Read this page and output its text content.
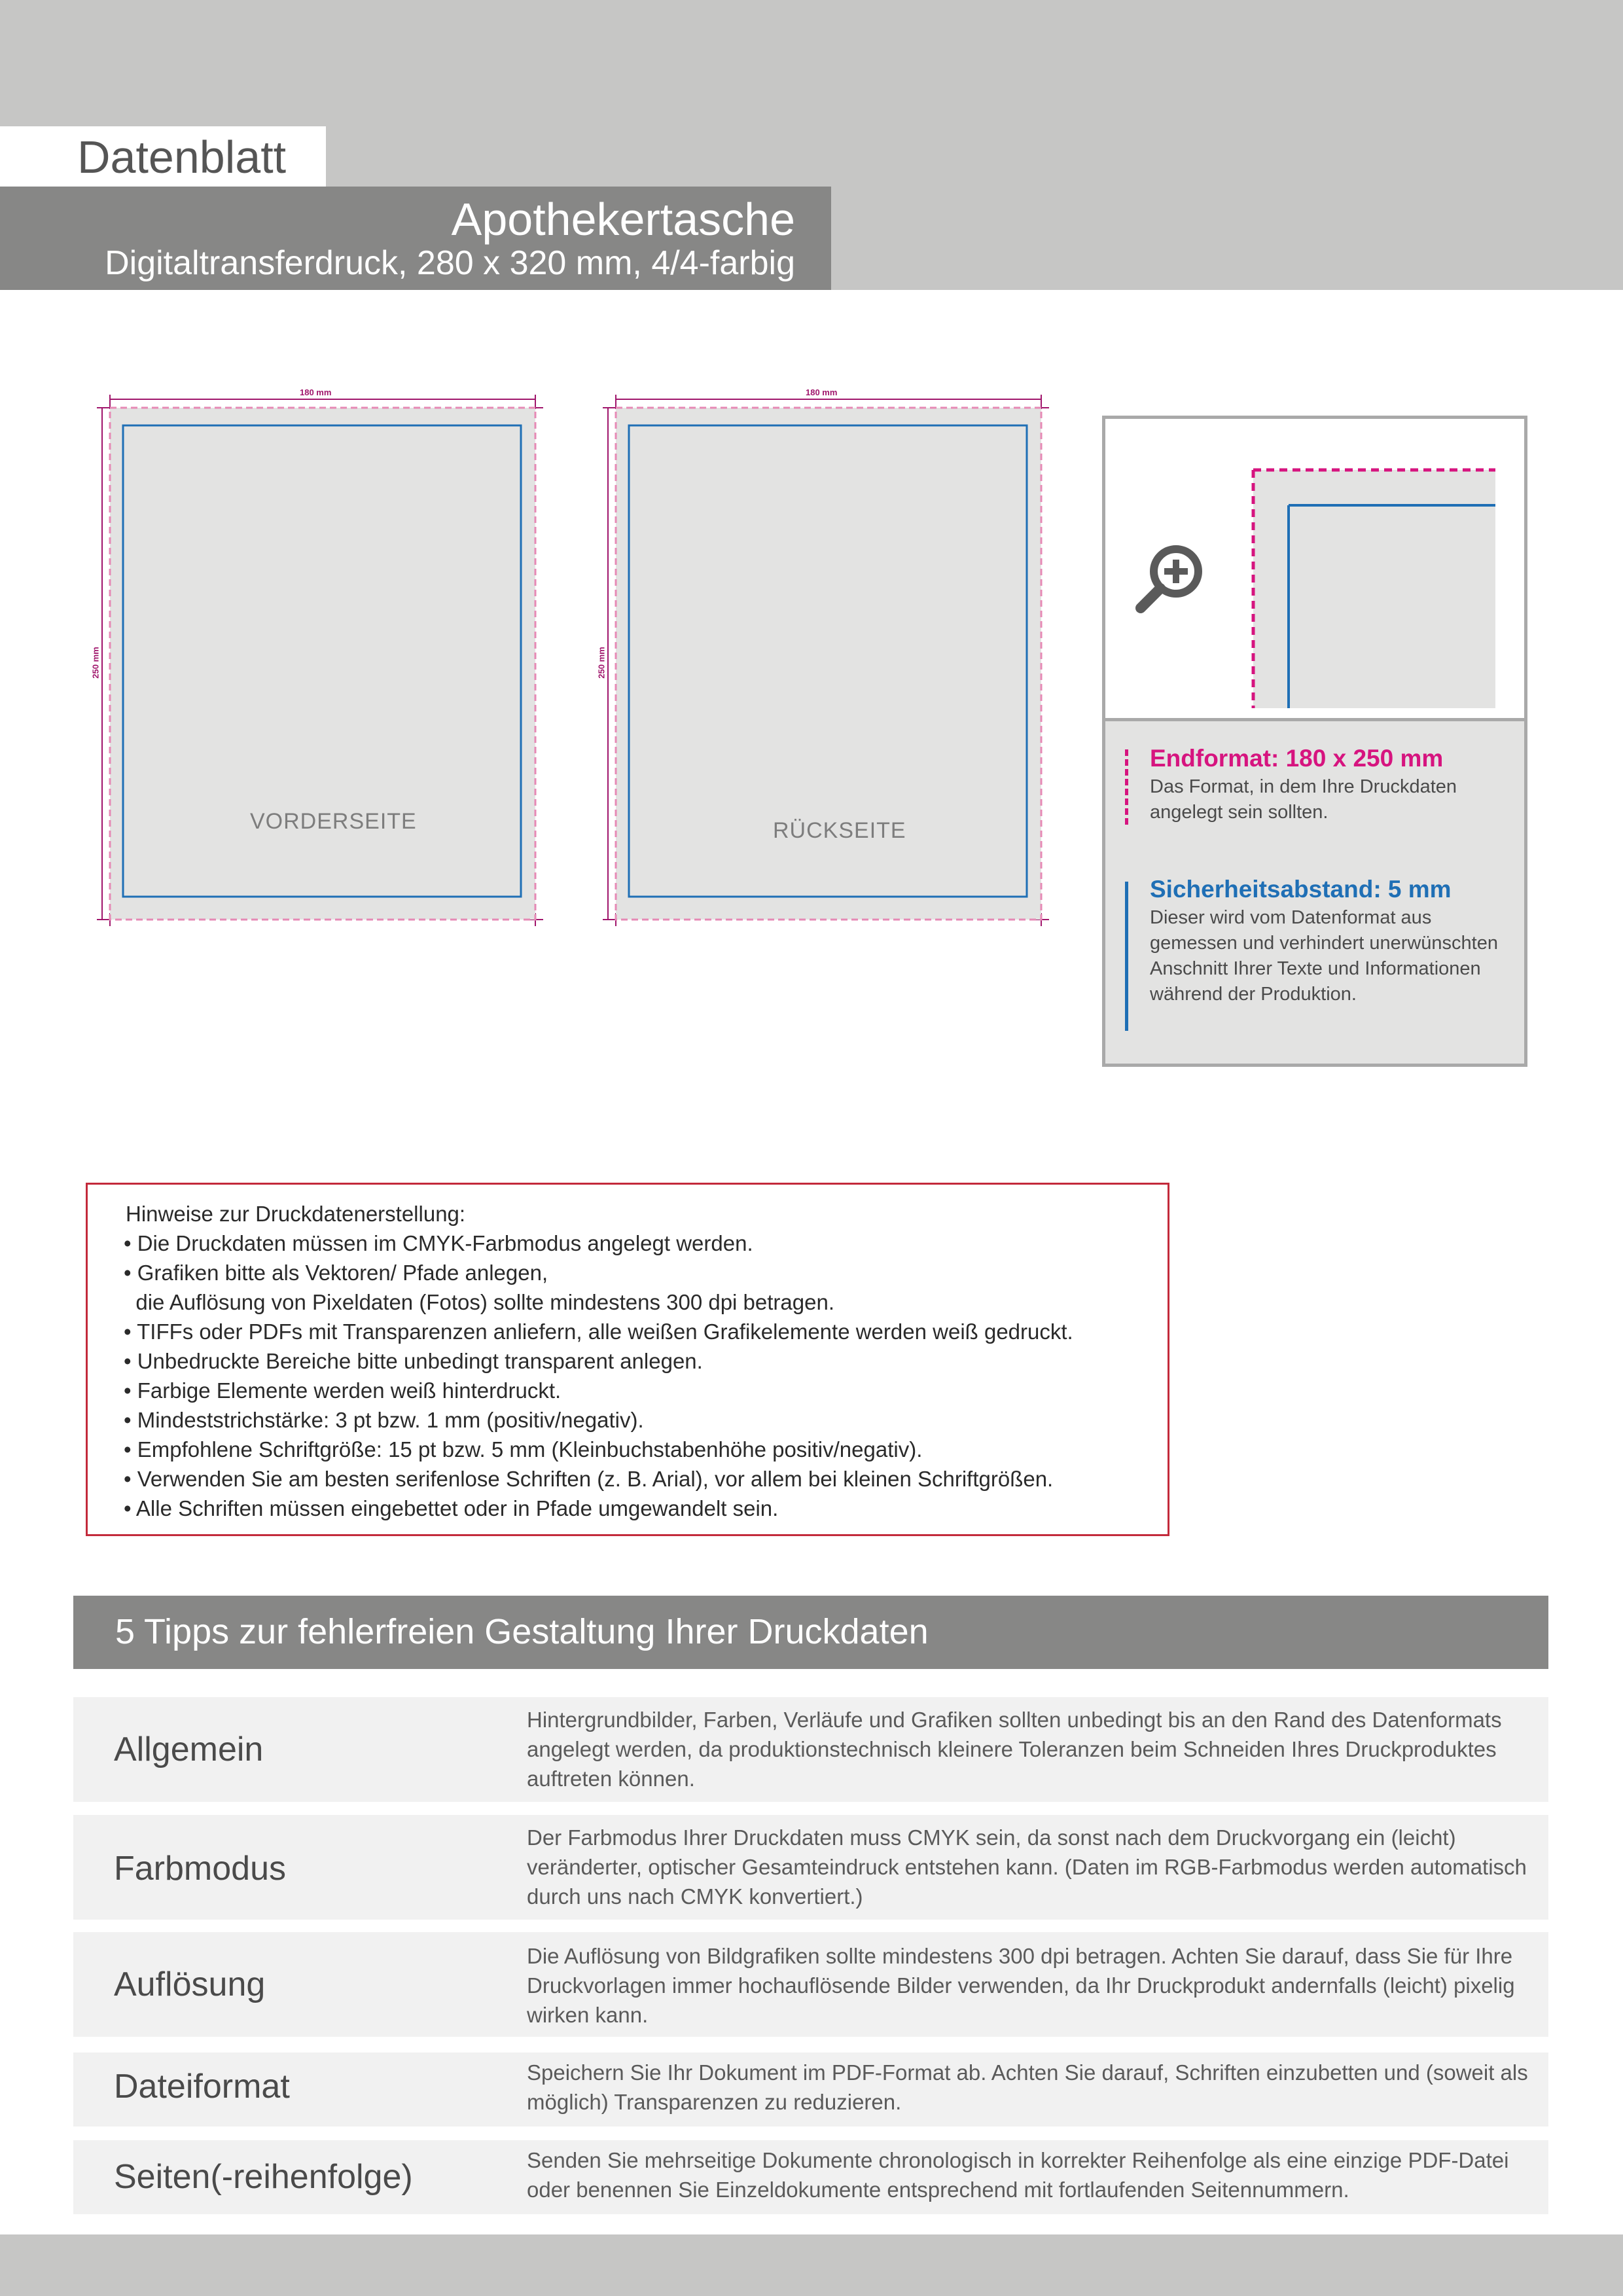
Datenblatt
Apothekertasche
Digitaltransferdruck, 280 x 320 mm, 4/4-farbig
180 mm
250 mm
VORDERSEITE
180 mm
250 mm
RÜCKSEITE
Endformat: 180 x 250 mm
Das Format, in dem Ihre Druckdaten angelegt sein sollten.
Sicherheitsabstand: 5 mm
Dieser wird vom Datenformat aus gemessen und verhindert unerwünschten Anschnitt Ihrer Texte und Informationen während der Produktion.
Hinweise zur Druckdatenerstellung:
• Die Druckdaten müssen im CMYK-Farbmodus angelegt werden.
• Grafiken bitte als Vektoren/ Pfade anlegen,
die Auflösung von Pixeldaten (Fotos) sollte mindestens 300 dpi betragen.
• TIFFs oder PDFs mit Transparenzen anliefern, alle weißen Grafikelemente werden weiß gedruckt.
• Unbedruckte Bereiche bitte unbedingt transparent anlegen.
• Farbige Elemente werden weiß hinterdruckt.
• Mindeststrichstärke: 3 pt bzw. 1 mm (positiv/negativ).
• Empfohlene Schriftgröße: 15 pt bzw. 5 mm (Kleinbuchstabenhöhe positiv/negativ).
• Verwenden Sie am besten serifenlose Schriften (z. B. Arial), vor allem bei kleinen Schriftgrößen.
• Alle Schriften müssen eingebettet oder in Pfade umgewandelt sein.
5 Tipps zur fehlerfreien Gestaltung Ihrer Druckdaten
Allgemein
Hintergrundbilder, Farben, Verläufe und Grafiken sollten unbedingt bis an den Rand des Datenformats angelegt werden, da produktionstechnisch kleinere Toleranzen beim Schneiden Ihres Druckproduktes auftreten können.
Farbmodus
Der Farbmodus Ihrer Druckdaten muss CMYK sein, da sonst nach dem Druckvorgang ein (leicht) veränderter, optischer Gesamteindruck entstehen kann. (Daten im RGB-Farbmodus werden automatisch durch uns nach CMYK konvertiert.)
Auflösung
Die Auflösung von Bildgrafiken sollte mindestens 300 dpi betragen. Achten Sie darauf, dass Sie für Ihre Druckvorlagen immer hochauflösende Bilder verwenden, da Ihr Druckprodukt andernfalls (leicht) pixelig wirken kann.
Dateiformat	Speichern Sie Ihr Dokument im PDF-Format ab. Achten Sie darauf, Schriften einzubetten und (soweit als möglich) Transparenzen zu reduzieren.
Seiten(-reihenfolge)	Senden Sie mehrseitige Dokumente chronologisch in korrekter Reihenfolge als eine einzige PDF-Datei oder benennen Sie Einzeldokumente entsprechend mit fortlaufenden Seitennummern.
